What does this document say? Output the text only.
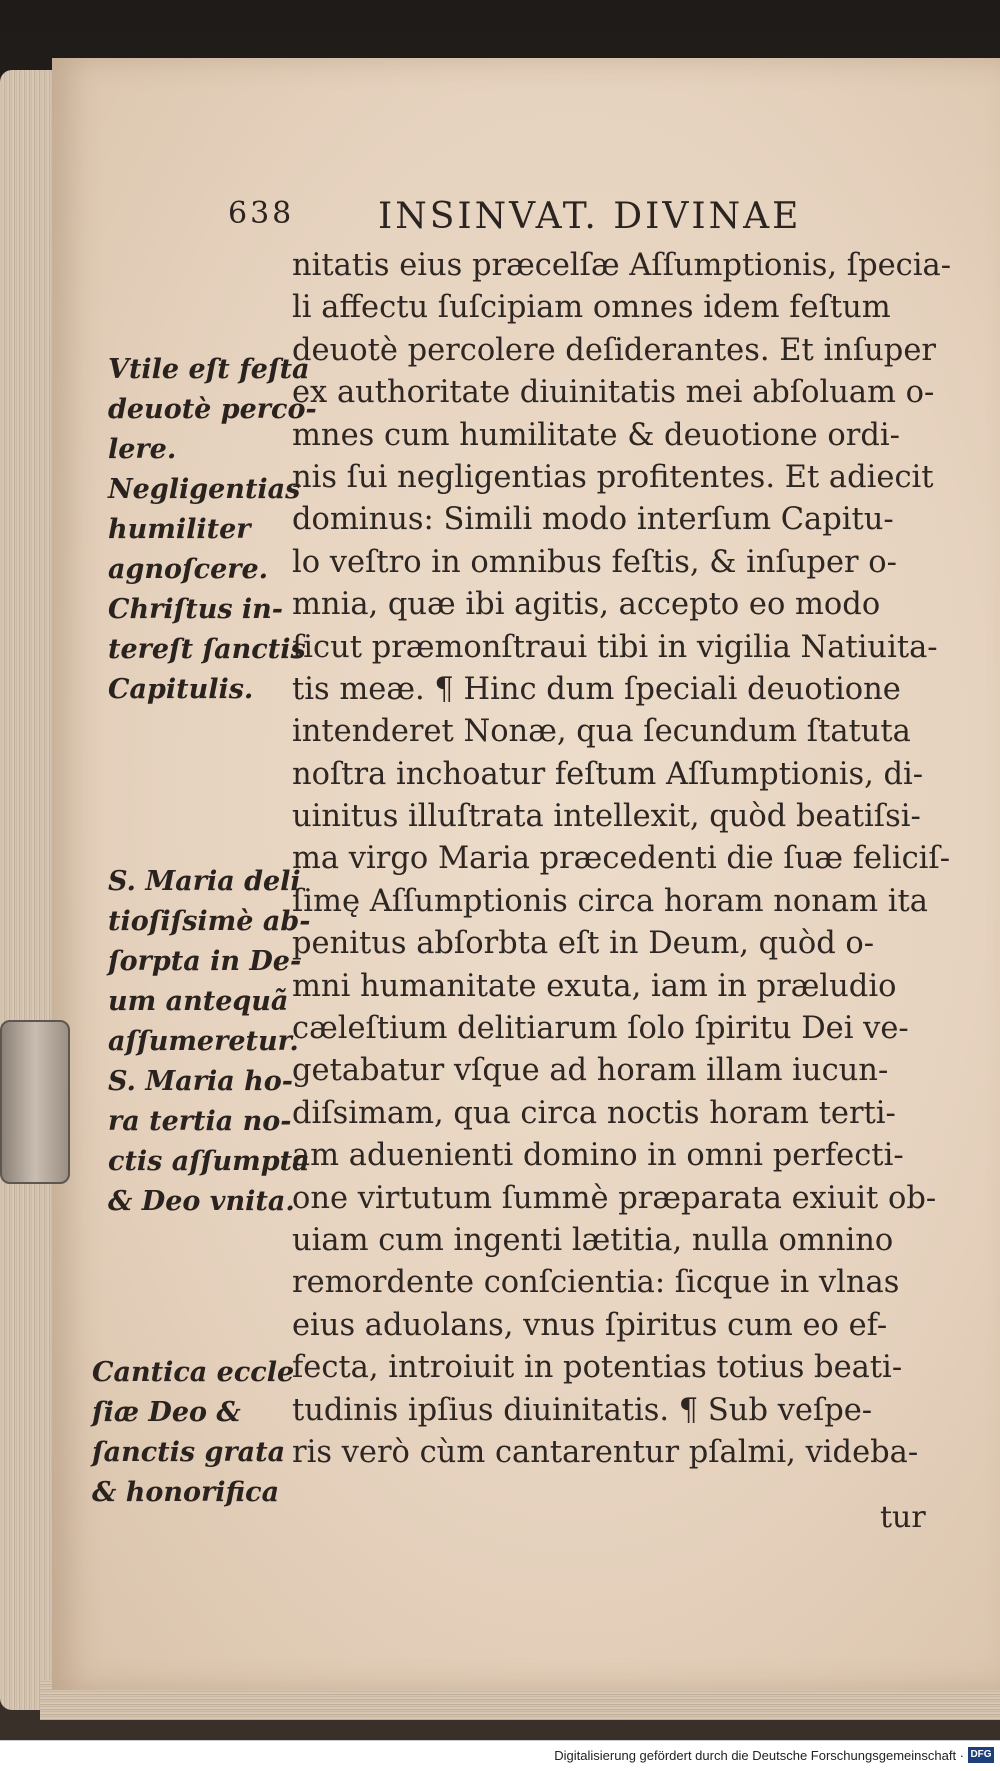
638 INSINVAT. DIVINAE
nitatis eius præcelſæ Aſſumptionis, ſpecia-
li affectu ſuſcipiam omnes idem feſtum
deuotè percolere deſiderantes. Et inſuper
ex authoritate diuinitatis mei abſoluam o-
mnes cum humilitate & deuotione ordi-
nis ſui negligentias profitentes. Et adiecit
dominus: Simili modo interſum Capitu-
lo veſtro in omnibus feſtis, & inſuper o-
mnia, quæ ibi agitis, accepto eo modo
ſicut præmonſtraui tibi in vigilia Natiuita-
tis meæ. ¶ Hinc dum ſpeciali deuotione
intenderet Nonæ, qua ſecundum ſtatuta
noſtra inchoatur feſtum Aſſumptionis, di-
uinitus illuſtrata intellexit, quòd beatiſsi-
ma virgo Maria præcedenti die ſuæ feliciſ-
ſimę Aſſumptionis circa horam nonam ita
penitus abſorbta eſt in Deum, quòd o-
mni humanitate exuta, iam in præludio
cæleſtium delitiarum ſolo ſpiritu Dei ve-
getabatur vſque ad horam illam iucun-
diſsimam, qua circa noctis horam terti-
am aduenienti domino in omni perfecti-
one virtutum ſummè præparata exiuit ob-
uiam cum ingenti lætitia, nulla omnino
remordente conſcientia: ſicque in vlnas
eius aduolans, vnus ſpiritus cum eo ef-
fecta, introiuit in potentias totius beati-
tudinis ipſius diuinitatis. ¶ Sub veſpe-
ris verò cùm cantarentur pſalmi, videba-
Vtile eſt feſta
deuotè perco-
lere.
Negligentias
humiliter
agnoſcere.
Chriſtus in-
tereſt ſanctis
Capitulis.
S. Maria deli
tioſiſsimè ab-
ſorpta in De-
um antequã
aſſumeretur.
S. Maria ho-
ra tertia no-
ctis aſſumpta
& Deo vnita.
Cantica eccle
ſiæ Deo &
ſanctis grata
& honorifica
tur
Digitalisierung gefördert durch die Deutsche Forschungsgemeinschaft · DFG
